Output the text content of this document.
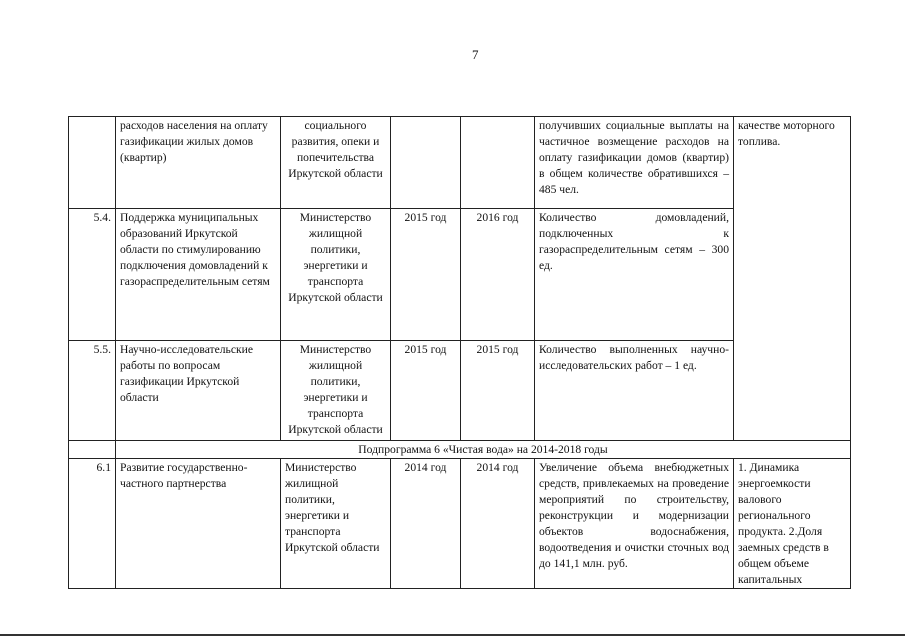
7
	расходов населения на оплату газификации жилых домов (квартир)	социального развития, опеки и попечительства Иркутской области			получивших социальные выплаты на частичное возмещение расходов на оплату газификации домов (квартир) в общем количестве обратившихся – 485 чел.	качестве моторного топлива.
5.4.	Поддержка муниципальных образований Иркутской области по стимулированию подключения домовладений к газораспределительным сетям	Министерство жилищной политики, энергетики и транспорта Иркутской области	2015 год	2016 год	Количество домовладений, подключенных к газораспределительным сетям – 300 ед.	
5.5.	Научно-исследовательские работы по вопросам газификации Иркутской области	Министерство жилищной политики, энергетики и транспорта Иркутской области	2015 год	2015 год	Количество выполненных научно-исследовательских работ – 1 ед.	
	Подпрограмма 6 «Чистая вода» на 2014-2018 годы					
6.1	Развитие государственно-частного партнерства	Министерство жилищной политики, энергетики и транспорта Иркутской области	2014 год	2014 год	Увеличение объема внебюджетных средств, привлекаемых на проведение мероприятий по строительству, реконструкции и модернизации объектов водоснабжения, водоотведения и очистки сточных вод до 141,1 млн. руб.	1. Динамика энергоемкости валового регионального продукта. 2.Доля заемных средств в общем объеме капитальных
